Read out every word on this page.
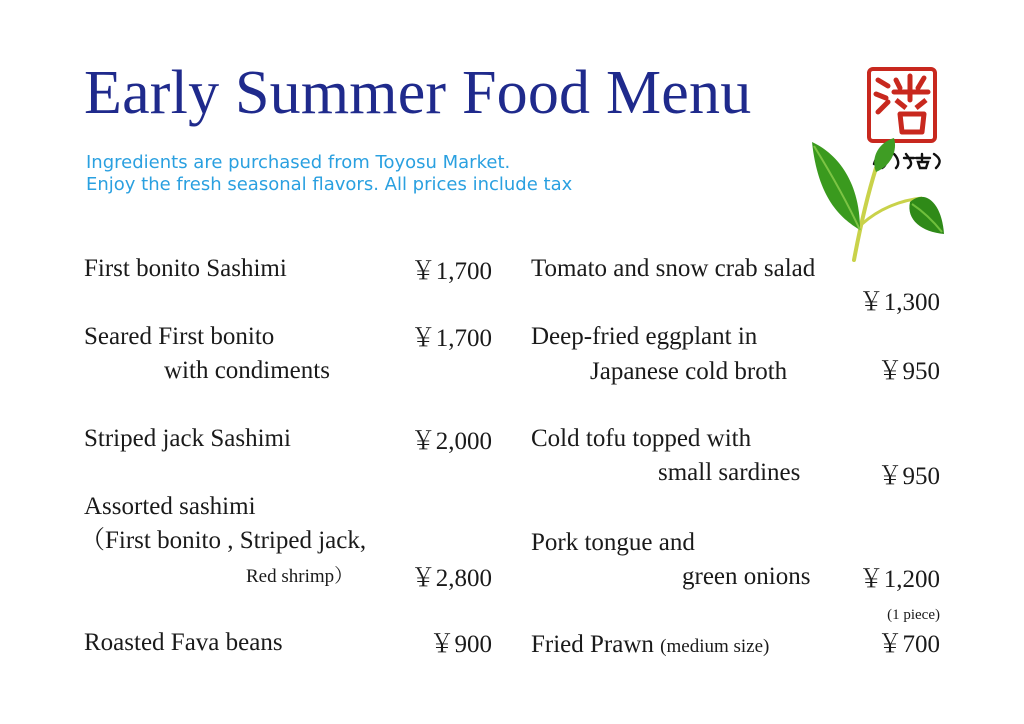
Early Summer Food Menu
Ingredients are purchased from Toyosu Market.
Enjoy the fresh seasonal flavors. All prices include tax
First bonito Sashimi	￥1,700
Seared First bonito
with condiments
￥1,700
Striped jack Sashimi	￥2,000
Assorted sashimi
（First bonito , Striped jack,
Red shrimp）	￥2,800
Roasted Fava beans	￥900
Tomato and snow crab salad
￥1,300
Deep-fried eggplant in
Japanese cold broth	￥950
Cold tofu topped with
small sardines	￥950
Pork tongue and
green onions	￥1,200
(1 piece)
Fried Prawn (medium size)	￥700
